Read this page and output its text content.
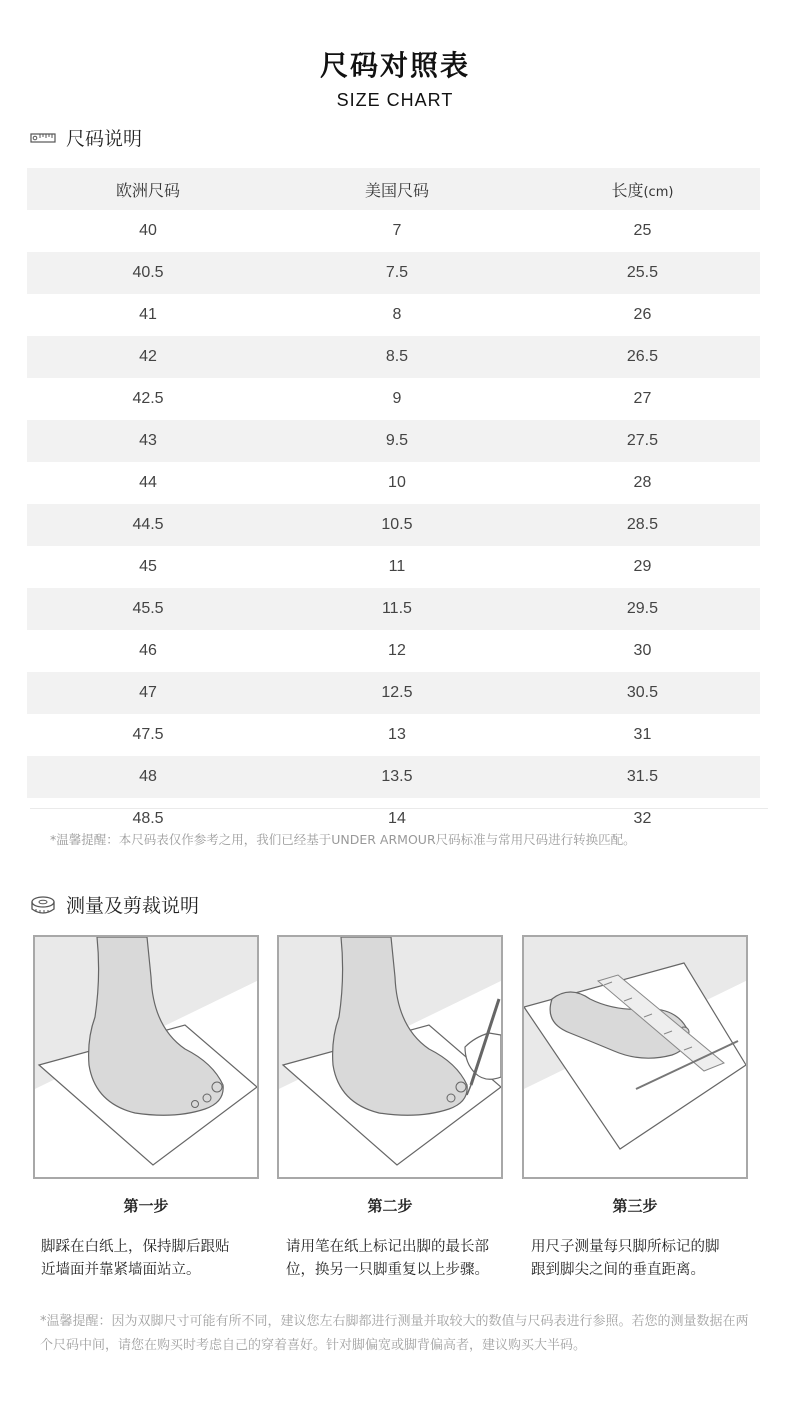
尺码对照表
SIZE CHART
尺码说明
欧洲尺码	美国尺码	长度(cm)
40	7	25
40.5	7.5	25.5
41	8	26
42	8.5	26.5
42.5	9	27
43	9.5	27.5
44	10	28
44.5	10.5	28.5
45	11	29
45.5	11.5	29.5
46	12	30
47	12.5	30.5
47.5	13	31
48	13.5	31.5
48.5	14	32
*温馨提醒：本尺码表仅作参考之用，我们已经基于UNDER ARMOUR尺码标准与常用尺码进行转换匹配。
测量及剪裁说明
第一步	第二步	第三步
脚踩在白纸上，保持脚后跟贴
近墙面并靠紧墙面站立。
请用笔在纸上标记出脚的最长部
位，换另一只脚重复以上步骤。
用尺子测量每只脚所标记的脚
跟到脚尖之间的垂直距离。
*温馨提醒：因为双脚尺寸可能有所不同，建议您左右脚都进行测量并取较大的数值与尺码表进行参照。若您的测量数据在两个尺码中间，请您在购买时考虑自己的穿着喜好。针对脚偏宽或脚背偏高者，建议购买大半码。
